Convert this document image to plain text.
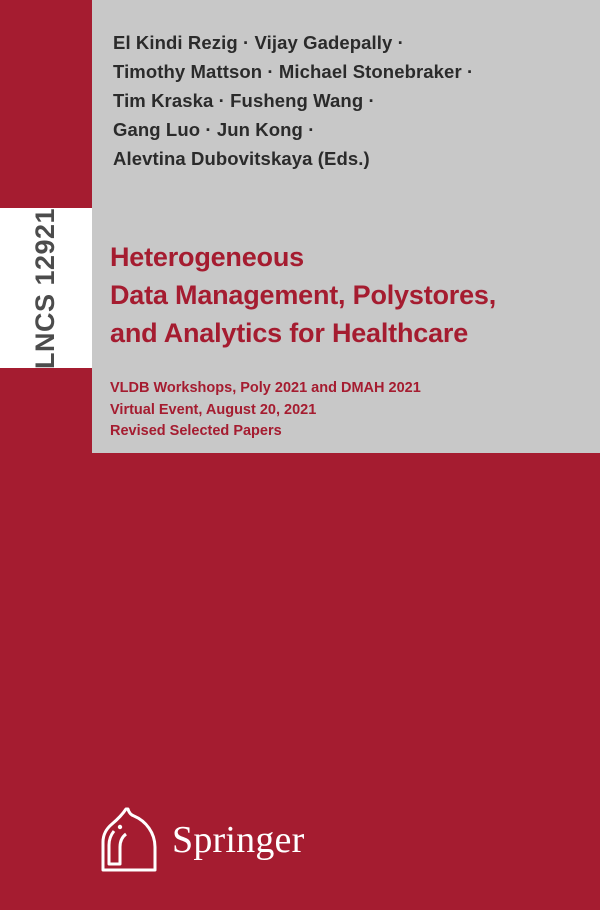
LNCS 12921
El Kindi Rezig · Vijay Gadepally ·
Timothy Mattson · Michael Stonebraker ·
Tim Kraska · Fusheng Wang ·
Gang Luo · Jun Kong ·
Alevtina Dubovitskaya (Eds.)
Heterogeneous
Data Management, Polystores,
and Analytics for Healthcare
VLDB Workshops, Poly 2021 and DMAH 2021
Virtual Event, August 20, 2021
Revised Selected Papers
Springer
